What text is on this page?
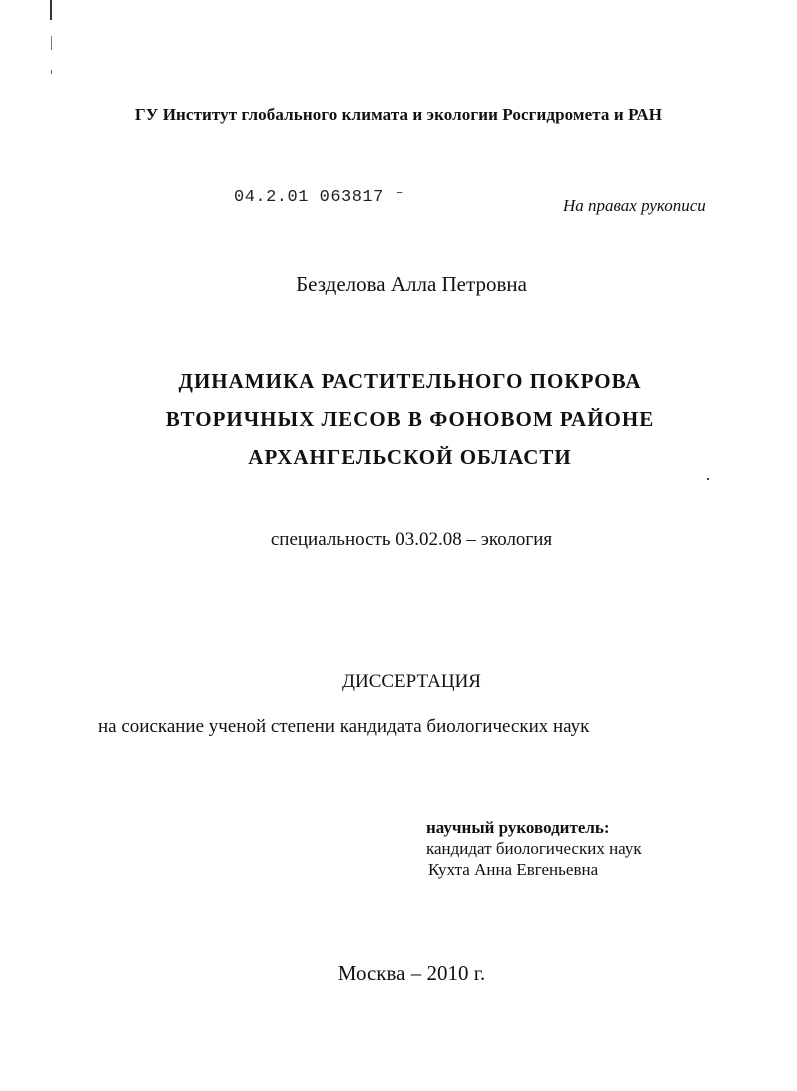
ГУ Институт глобального климата и экологии Росгидромета и РАН
04.2.01 063817 ⁻	На правах рукописи
Безделова Алла Петровна
ДИНАМИКА РАСТИТЕЛЬНОГО ПОКРОВА
ВТОРИЧНЫХ ЛЕСОВ В ФОНОВОМ РАЙОНЕ
АРХАНГЕЛЬСКОЙ ОБЛАСТИ
специальность 03.02.08 – экология
ДИССЕРТАЦИЯ
на соискание ученой степени кандидата биологических наук
научный руководитель:
кандидат биологических наук
Кухта Анна Евгеньевна
Москва – 2010 г.
